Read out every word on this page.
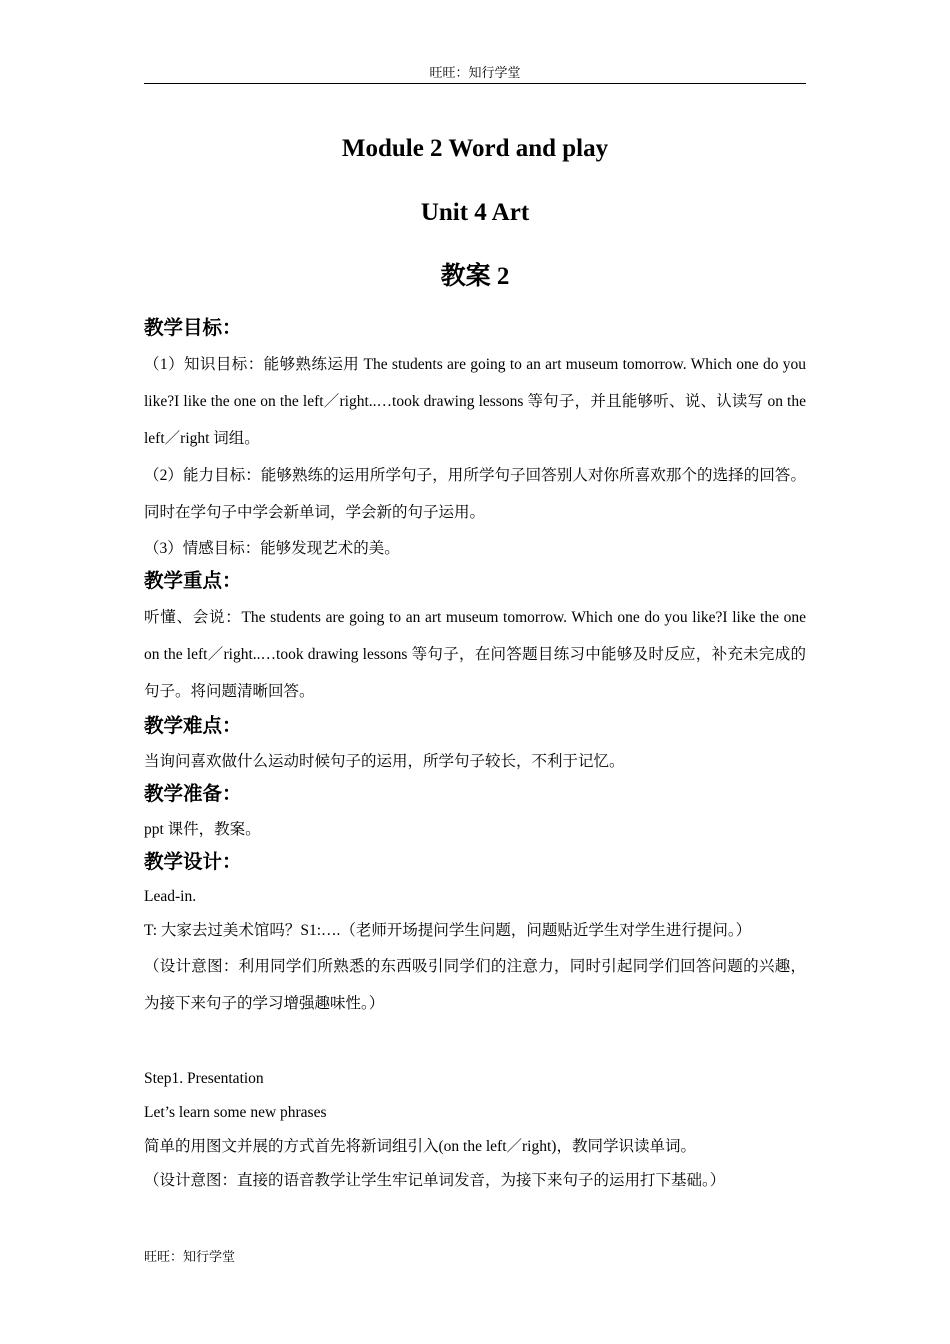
旺旺：知行学堂
Module 2 Word and play
Unit 4 Art
教案 2
教学目标：

（1）知识目标：能够熟练运用 The students are going to an art museum tomorrow. Which one do you like?I like the one on the left／right..…took drawing lessons 等句子，并且能够听、说、认读写 on the left／right 词组。

（2）能力目标：能够熟练的运用所学句子，用所学句子回答别人对你所喜欢那个的选择的回答。同时在学句子中学会新单词，学会新的句子运用。

（3）情感目标：能够发现艺术的美。

教学重点：

听懂、会说：The students are going to an art museum tomorrow. Which one do you like?I like the one on the left／right..…took drawing lessons 等句子，在问答题目练习中能够及时反应，补充未完成的句子。将问题清晰回答。

教学难点：

当询问喜欢做什么运动时候句子的运用，所学句子较长，不利于记忆。

教学准备：

ppt 课件，教案。

教学设计：

Lead-in.

T: 大家去过美术馆吗？S1:….（老师开场提问学生问题，问题贴近学生对学生进行提问。）

（设计意图：利用同学们所熟悉的东西吸引同学们的注意力，同时引起同学们回答问题的兴趣，为接下来句子的学习增强趣味性。）

Step1. Presentation

Let’s learn some new phrases

简单的用图文并展的方式首先将新词组引入(on the left／right)，教同学识读单词。

（设计意图：直接的语音教学让学生牢记单词发音，为接下来句子的运用打下基础。）

旺旺：知行学堂
